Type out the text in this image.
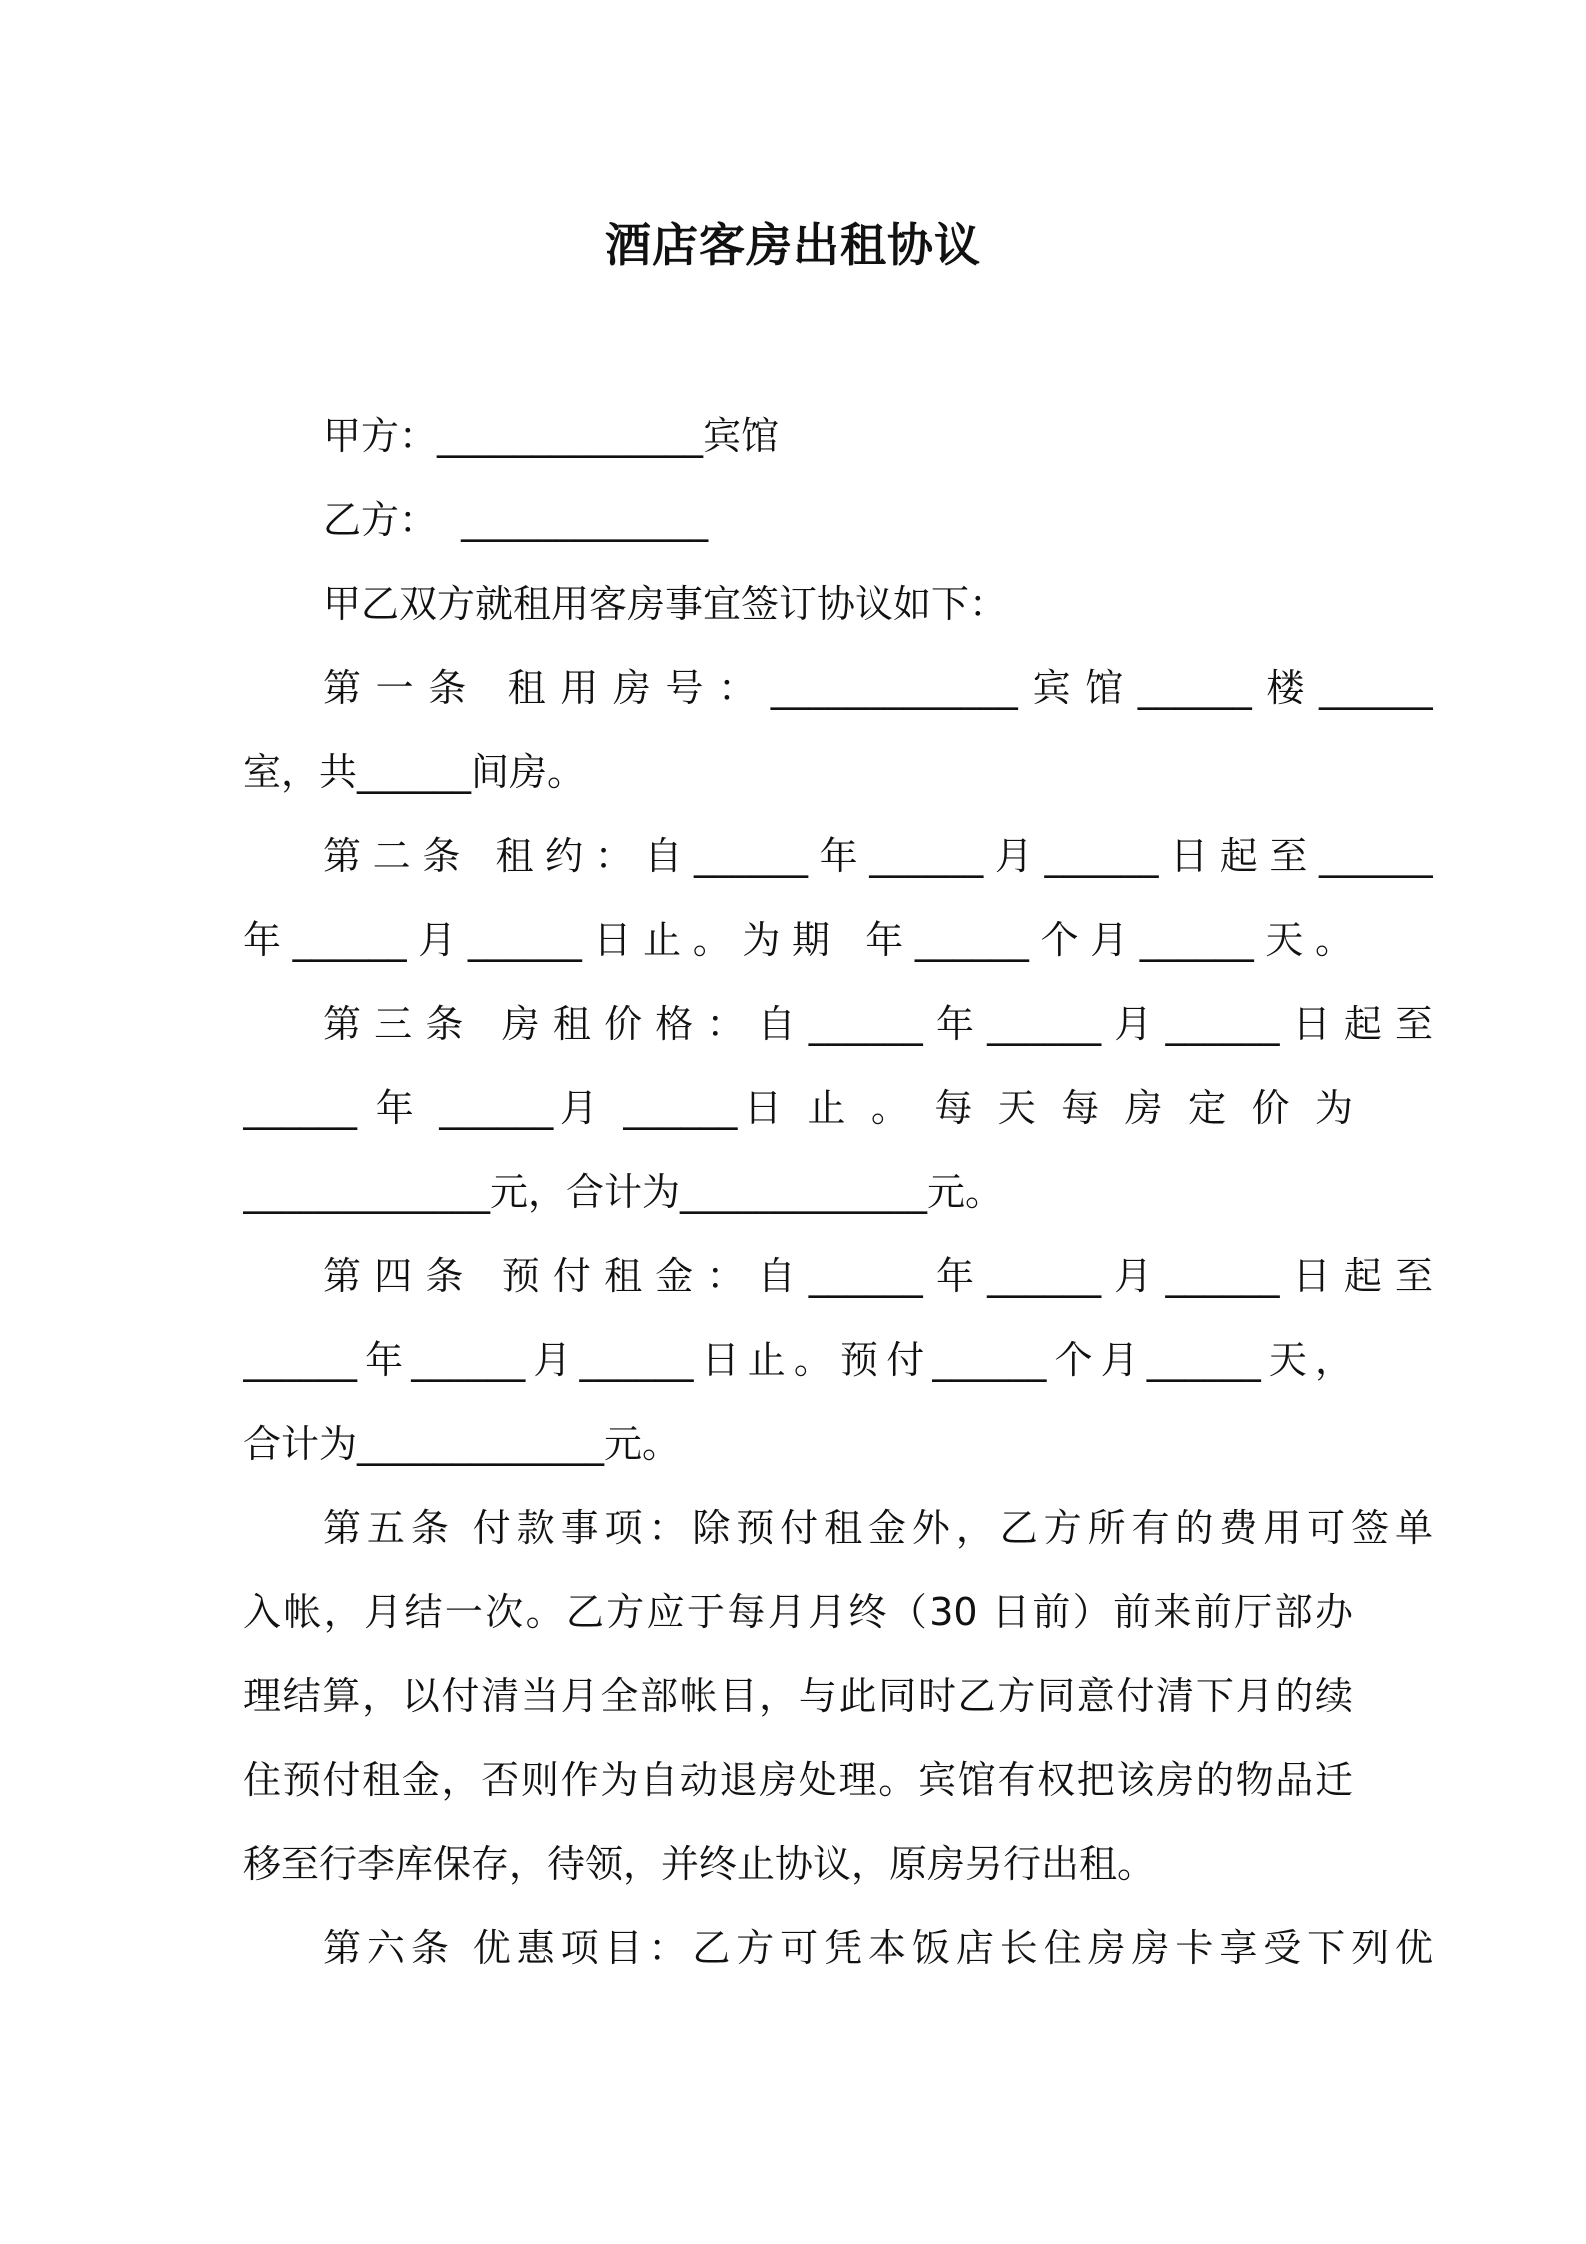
酒店客房出租协议
甲方：______________宾馆
乙方：  _____________
甲乙双方就租用客房事宜签订协议如下：
第一条 租用房号：_____________宾馆______楼______
室，共______间房。
第二条 租约：自______年______月______日起至______
年______月______日止。为期 年______个月______天。
第三条 房租价格：自______年______月______日起至
______ 年 ______月 ______日 止 。 每 天 每 房 定 价 为
_____________元，合计为_____________元。
第四条 预付租金：自______年______月______日起至
______年______月______日止。预付______个月______天，
合计为_____________元。
第五条 付款事项：除预付租金外，乙方所有的费用可签单
入帐，月结一次。乙方应于每月月终（30 日前）前来前厅部办
理结算，以付清当月全部帐目，与此同时乙方同意付清下月的续
住预付租金，否则作为自动退房处理。宾馆有权把该房的物品迁
移至行李库保存，待领，并终止协议，原房另行出租。
第六条 优惠项目：乙方可凭本饭店长住房房卡享受下列优
